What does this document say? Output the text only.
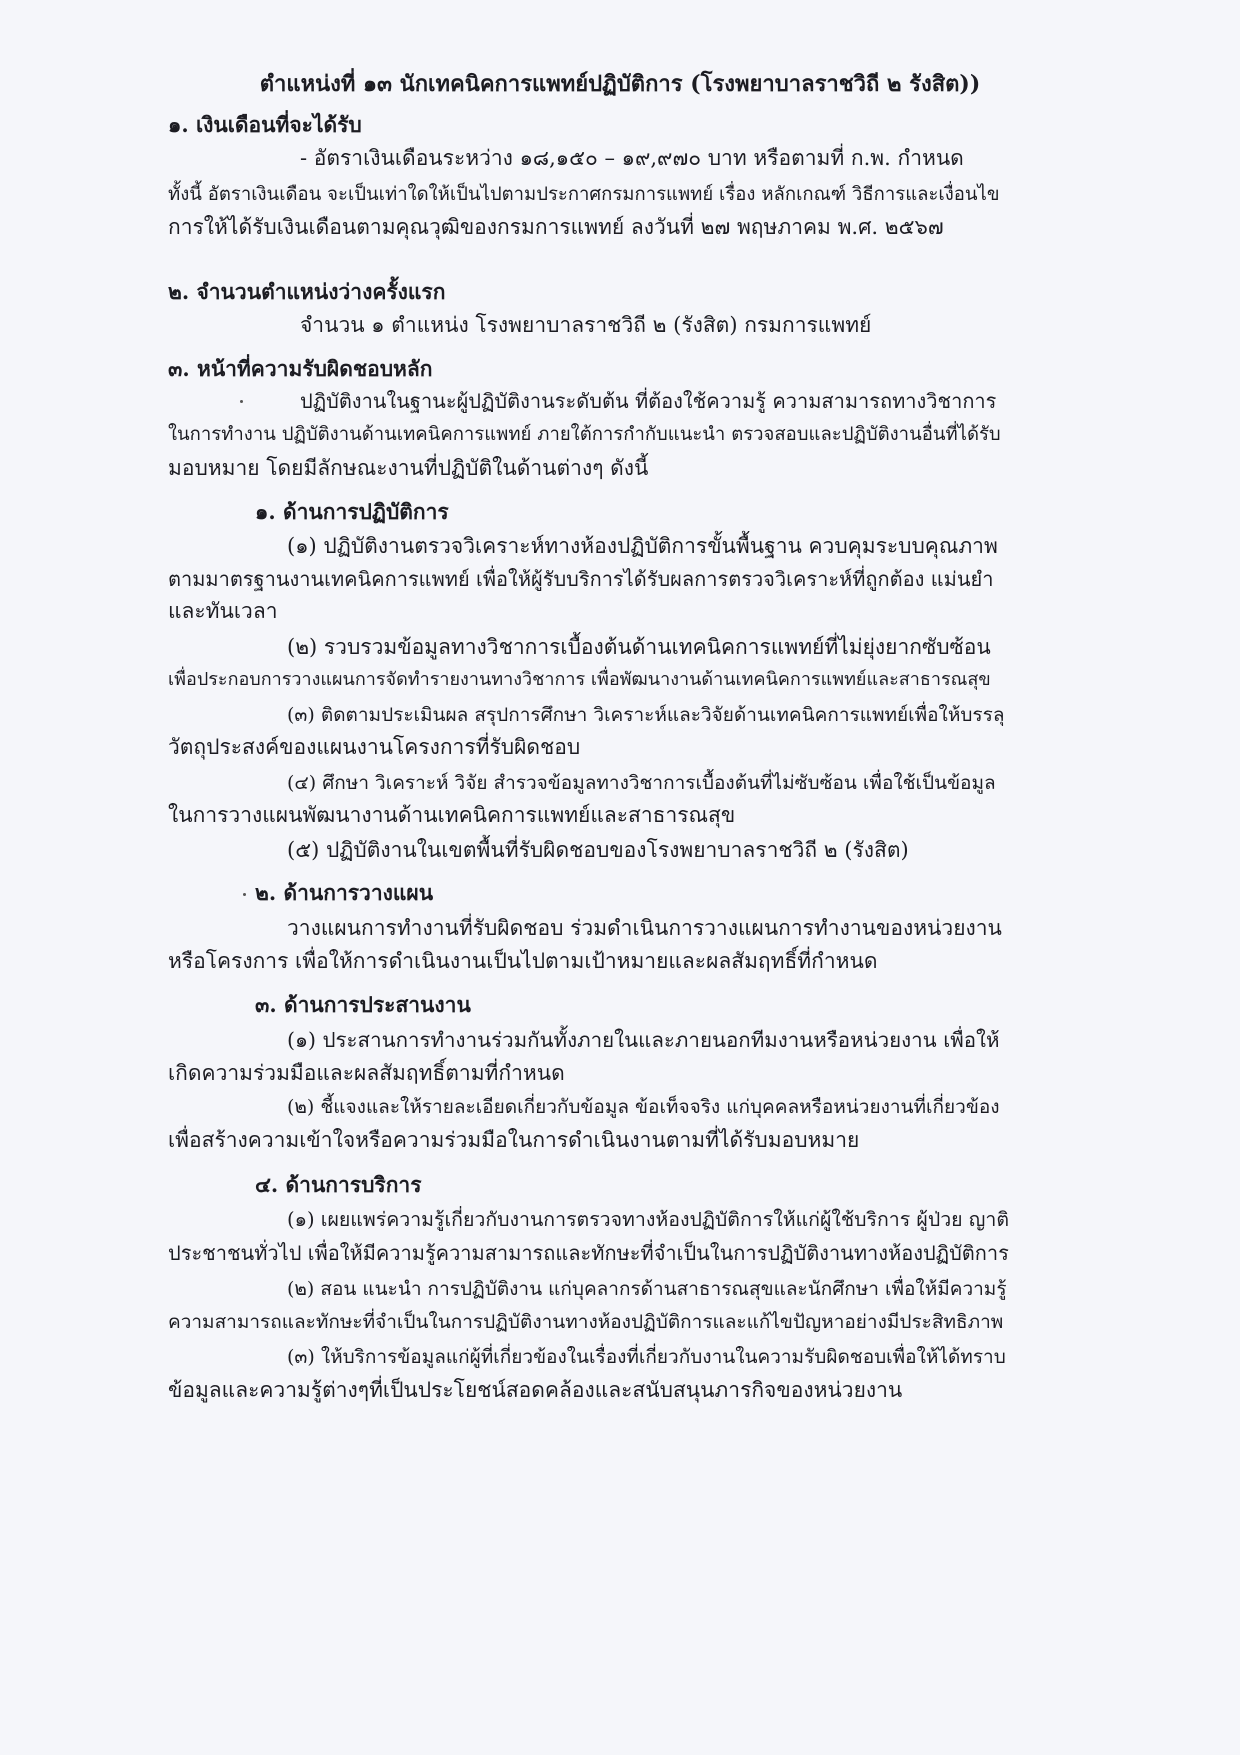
ตำแหน่งที่ ๑๓ นักเทคนิคการแพทย์ปฏิบัติการ (โรงพยาบาลราชวิถี ๒ รังสิต))
๑. เงินเดือนที่จะได้รับ
- อัตราเงินเดือนระหว่าง ๑๘,๑๕๐ – ๑๙,๙๗๐ บาท หรือตามที่ ก.พ. กำหนด
ทั้งนี้ อัตราเงินเดือน จะเป็นเท่าใดให้เป็นไปตามประกาศกรมการแพทย์ เรื่อง หลักเกณฑ์ วิธีการและเงื่อนไข
การให้ได้รับเงินเดือนตามคุณวุฒิของกรมการแพทย์ ลงวันที่ ๒๗ พฤษภาคม พ.ศ. ๒๕๖๗
๒. จำนวนตำแหน่งว่างครั้งแรก
จำนวน ๑ ตำแหน่ง โรงพยาบาลราชวิถี ๒ (รังสิต) กรมการแพทย์
๓. หน้าที่ความรับผิดชอบหลัก
ปฏิบัติงานในฐานะผู้ปฏิบัติงานระดับต้น ที่ต้องใช้ความรู้ ความสามารถทางวิชาการ
ในการทำงาน ปฏิบัติงานด้านเทคนิคการแพทย์ ภายใต้การกำกับแนะนำ ตรวจสอบและปฏิบัติงานอื่นที่ได้รับ
มอบหมาย โดยมีลักษณะงานที่ปฏิบัติในด้านต่างๆ ดังนี้
๑. ด้านการปฏิบัติการ
(๑) ปฏิบัติงานตรวจวิเคราะห์ทางห้องปฏิบัติการขั้นพื้นฐาน ควบคุมระบบคุณภาพ
ตามมาตรฐานงานเทคนิคการแพทย์ เพื่อให้ผู้รับบริการได้รับผลการตรวจวิเคราะห์ที่ถูกต้อง แม่นยำ
และทันเวลา
(๒) รวบรวมข้อมูลทางวิชาการเบื้องต้นด้านเทคนิคการแพทย์ที่ไม่ยุ่งยากซับซ้อน
เพื่อประกอบการวางแผนการจัดทำรายงานทางวิชาการ เพื่อพัฒนางานด้านเทคนิคการแพทย์และสาธารณสุข
(๓) ติดตามประเมินผล สรุปการศึกษา วิเคราะห์และวิจัยด้านเทคนิคการแพทย์เพื่อให้บรรลุ
วัตถุประสงค์ของแผนงานโครงการที่รับผิดชอบ
(๔) ศึกษา วิเคราะห์ วิจัย สำรวจข้อมูลทางวิชาการเบื้องต้นที่ไม่ซับซ้อน เพื่อใช้เป็นข้อมูล
ในการวางแผนพัฒนางานด้านเทคนิคการแพทย์และสาธารณสุข
(๕) ปฏิบัติงานในเขตพื้นที่รับผิดชอบของโรงพยาบาลราชวิถี ๒ (รังสิต)
๒. ด้านการวางแผน
วางแผนการทำงานที่รับผิดชอบ ร่วมดำเนินการวางแผนการทำงานของหน่วยงาน
หรือโครงการ เพื่อให้การดำเนินงานเป็นไปตามเป้าหมายและผลสัมฤทธิ์ที่กำหนด
๓. ด้านการประสานงาน
(๑) ประสานการทำงานร่วมกันทั้งภายในและภายนอกทีมงานหรือหน่วยงาน เพื่อให้
เกิดความร่วมมือและผลสัมฤทธิ์ตามที่กำหนด
(๒) ชี้แจงและให้รายละเอียดเกี่ยวกับข้อมูล ข้อเท็จจริง แก่บุคคลหรือหน่วยงานที่เกี่ยวข้อง
เพื่อสร้างความเข้าใจหรือความร่วมมือในการดำเนินงานตามที่ได้รับมอบหมาย
๔. ด้านการบริการ
(๑) เผยแพร่ความรู้เกี่ยวกับงานการตรวจทางห้องปฏิบัติการให้แก่ผู้ใช้บริการ ผู้ป่วย ญาติ
ประชาชนทั่วไป เพื่อให้มีความรู้ความสามารถและทักษะที่จำเป็นในการปฏิบัติงานทางห้องปฏิบัติการ
(๒) สอน แนะนำ การปฏิบัติงาน แก่บุคลากรด้านสาธารณสุขและนักศึกษา เพื่อให้มีความรู้
ความสามารถและทักษะที่จำเป็นในการปฏิบัติงานทางห้องปฏิบัติการและแก้ไขปัญหาอย่างมีประสิทธิภาพ
(๓) ให้บริการข้อมูลแก่ผู้ที่เกี่ยวข้องในเรื่องที่เกี่ยวกับงานในความรับผิดชอบเพื่อให้ได้ทราบ
ข้อมูลและความรู้ต่างๆที่เป็นประโยชน์สอดคล้องและสนับสนุนภารกิจของหน่วยงาน
